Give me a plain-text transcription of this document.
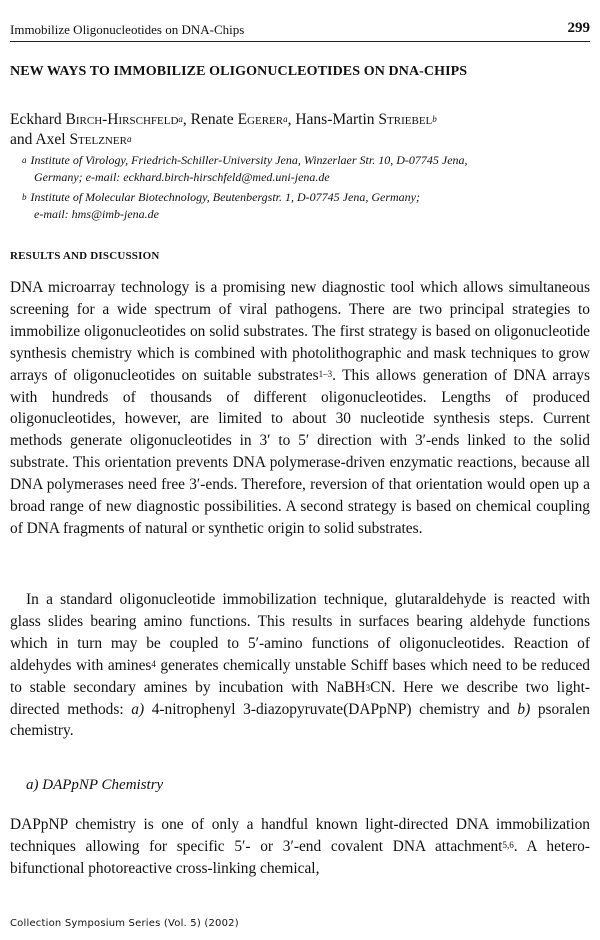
Immobilize Oligonucleotides on DNA-Chips	299
NEW WAYS TO IMMOBILIZE OLIGONUCLEOTIDES ON DNA-CHIPS
Eckhard Birch-Hirschfeld$^a$, Renate Egerer$^a$, Hans-Martin Striebel$^b$
and Axel Stelzner$^a$
$^a$ Institute of Virology, Friedrich-Schiller-University Jena, Winzerlaer Str. 10, D-07745 Jena,
Germany; e-mail: eckhard.birch-hirschfeld@med.uni-jena.de
$^b$ Institute of Molecular Biotechnology, Beutenbergstr. 1, D-07745 Jena, Germany;
e-mail: hms@imb-jena.de
RESULTS AND DISCUSSION
DNA microarray technology is a promising new diagnostic tool which allows simultaneous screening for a wide spectrum of viral pathogens. There are two principal strategies to immobilize oligonucleotides on solid substrates. The first strategy is based on oligonucleotide synthesis chemistry which is combined with photolithographic and mask techniques to grow arrays of oligonucleotides on suitable substrates$^{1-3}$. This allows generation of DNA arrays with hundreds of thousands of different oligonucleotides. Lengths of produced oligonucleotides, however, are limited to about 30 nucleotide synthesis steps. Current methods generate oligonucleotides in 3′ to 5′ direction with 3′-ends linked to the solid substrate. This orientation prevents DNA polymerase-driven enzymatic reactions, because all DNA polymerases need free 3′-ends. Therefore, reversion of that orientation would open up a broad range of new diagnostic possibilities. A second strategy is based on chemical coupling of DNA fragments of natural or synthetic origin to solid substrates.
In a standard oligonucleotide immobilization technique, glutaraldehyde is reacted with glass slides bearing amino functions. This results in surfaces bearing aldehyde functions which in turn may be coupled to 5′-amino functions of oligonucleotides. Reaction of aldehydes with amines$^4$ generates chemically unstable Schiff bases which need to be reduced to stable secondary amines by incubation with NaBH$_3$CN. Here we describe two light-directed methods: a) 4-nitrophenyl 3-diazopyruvate(DAPpNP) chemistry and b) psoralen chemistry.
a) DAPpNP Chemistry
DAPpNP chemistry is one of only a handful known light-directed DNA immobilization techniques allowing for specific 5′- or 3′-end covalent DNA attachment$^{5,6}$. A hetero-bifunctional photoreactive cross-linking chemical,
Collection Symposium Series (Vol. 5) (2002)
